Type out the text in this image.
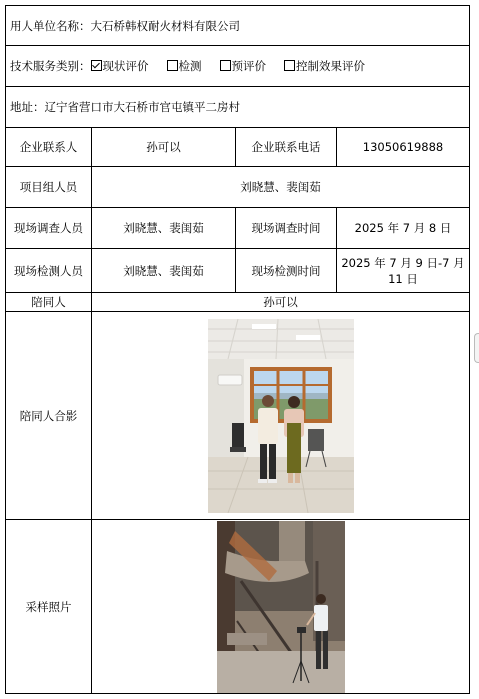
用人单位名称：大石桥韩权耐火材料有限公司			
技术服务类别： 现状评价 检测 预评价 控制效果评价			
地址：辽宁省营口市大石桥市官屯镇平二房村			
企业联系人	孙可以	企业联系电话	13050619888
项目组人员	刘晓慧、裴闺茹		
现场调查人员	刘晓慧、裴闺茹	现场调查时间	2025 年 7 月 8 日
现场检测人员	刘晓慧、裴闺茹	现场检测时间	2025 年 7 月 9 日-7 月 11 日
陪同人	孙可以		
陪同人合影	

采样照片	
